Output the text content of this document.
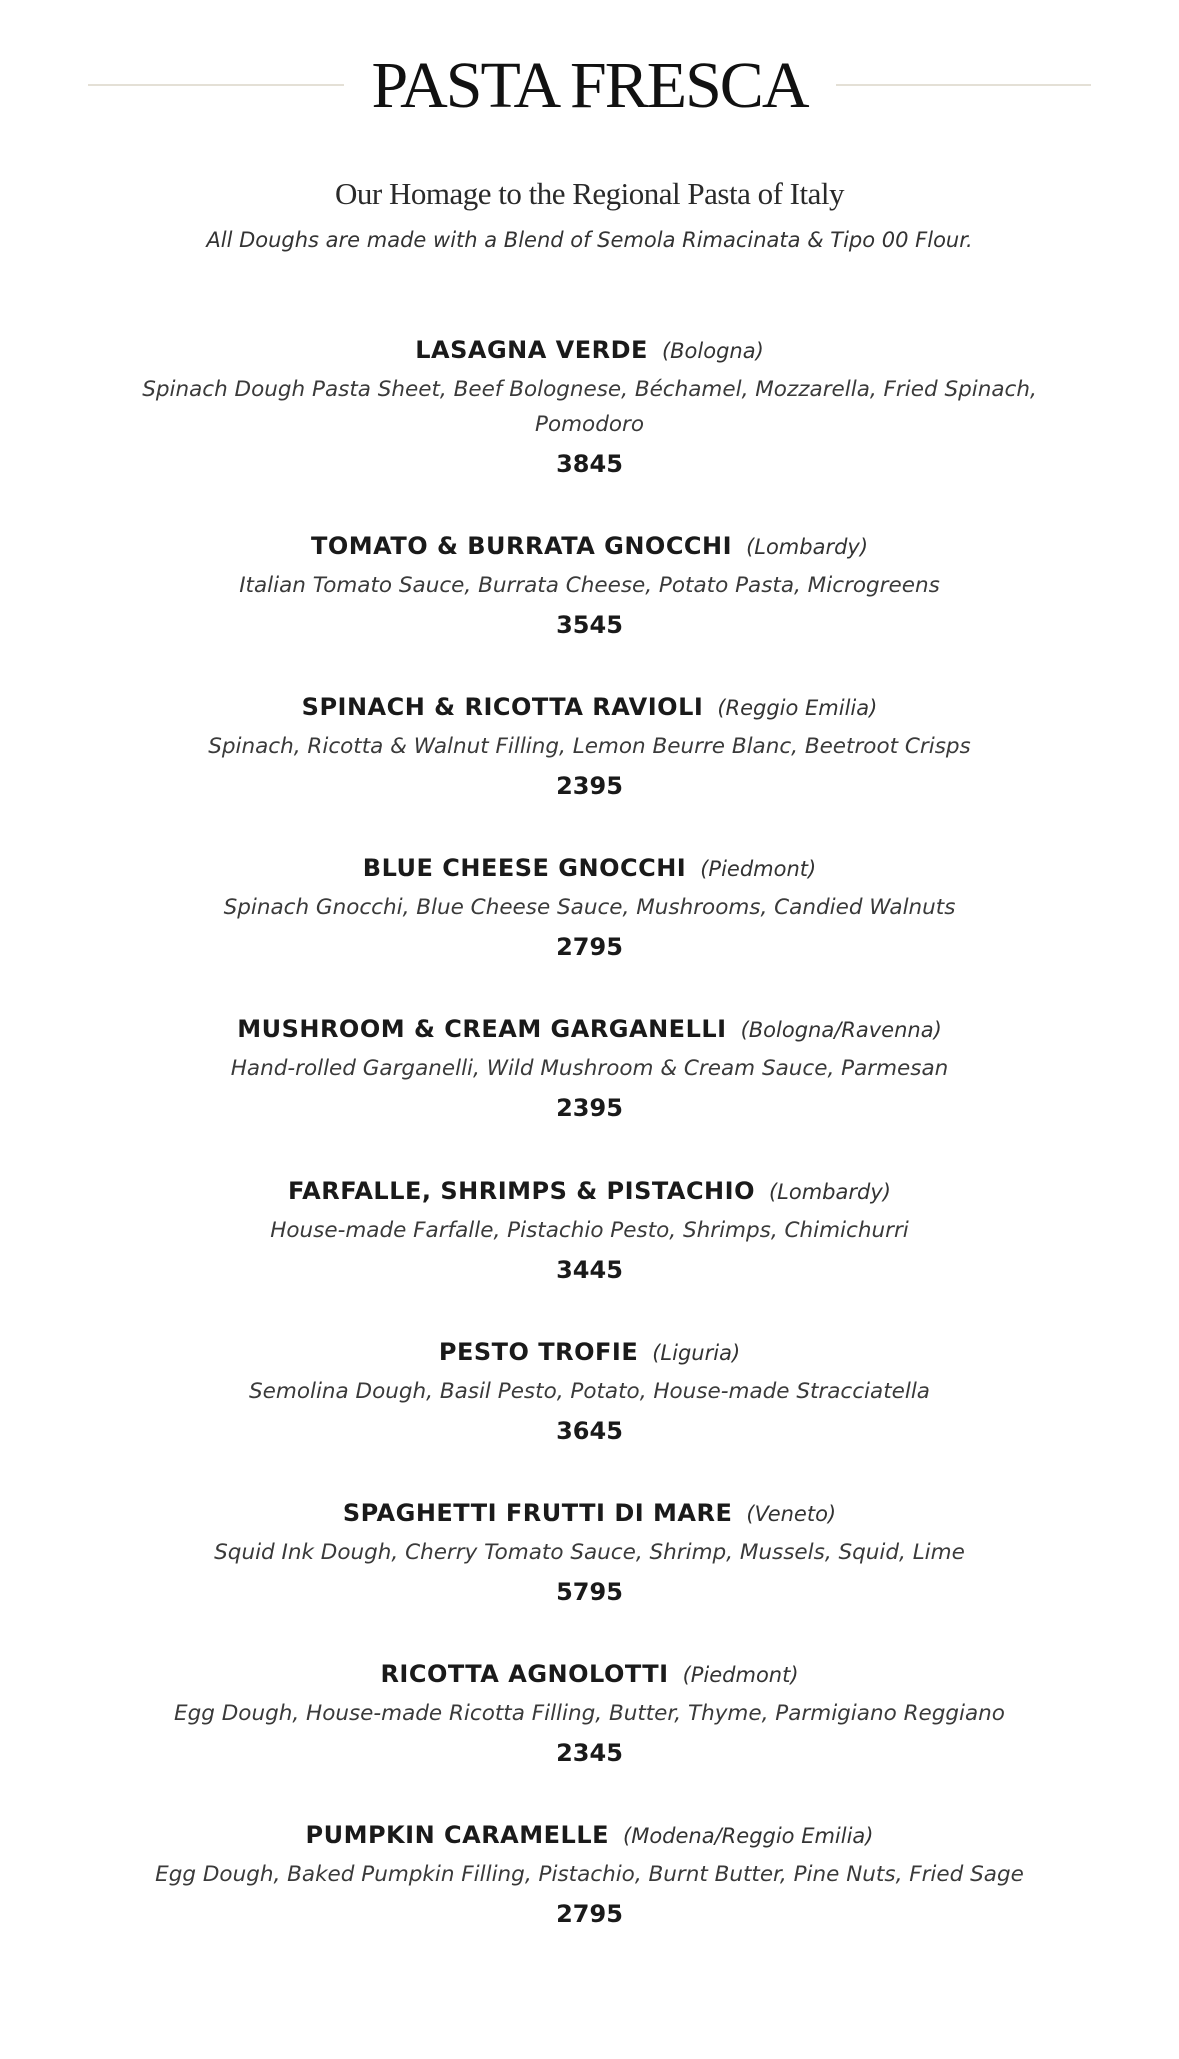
PASTA FRESCA
Our Homage to the Regional Pasta of Italy
All Doughs are made with a Blend of Semola Rimacinata & Tipo 00 Flour.
LASAGNA VERDE (Bologna)
Spinach Dough Pasta Sheet, Beef Bolognese, Béchamel, Mozzarella, Fried Spinach, Pomodoro
3845
TOMATO & BURRATA GNOCCHI (Lombardy)
Italian Tomato Sauce, Burrata Cheese, Potato Pasta, Microgreens
3545
SPINACH & RICOTTA RAVIOLI (Reggio Emilia)
Spinach, Ricotta & Walnut Filling, Lemon Beurre Blanc, Beetroot Crisps
2395
BLUE CHEESE GNOCCHI (Piedmont)
Spinach Gnocchi, Blue Cheese Sauce, Mushrooms, Candied Walnuts
2795
MUSHROOM & CREAM GARGANELLI (Bologna/Ravenna)
Hand-rolled Garganelli, Wild Mushroom & Cream Sauce, Parmesan
2395
FARFALLE, SHRIMPS & PISTACHIO (Lombardy)
House-made Farfalle, Pistachio Pesto, Shrimps, Chimichurri
3445
PESTO TROFIE (Liguria)
Semolina Dough, Basil Pesto, Potato, House-made Stracciatella
3645
SPAGHETTI FRUTTI DI MARE (Veneto)
Squid Ink Dough, Cherry Tomato Sauce, Shrimp, Mussels, Squid, Lime
5795
RICOTTA AGNOLOTTI (Piedmont)
Egg Dough, House-made Ricotta Filling, Butter, Thyme, Parmigiano Reggiano
2345
PUMPKIN CARAMELLE (Modena/Reggio Emilia)
Egg Dough, Baked Pumpkin Filling, Pistachio, Burnt Butter, Pine Nuts, Fried Sage
2795
